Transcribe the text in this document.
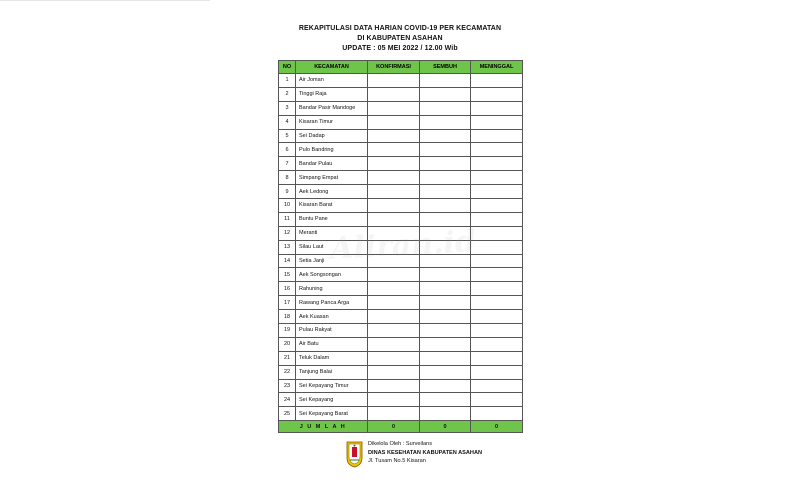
REKAPITULASI DATA HARIAN COVID-19 PER KECAMATAN
DI KABUPATEN ASAHAN
UPDATE : 05 MEI 2022 / 12.00 Wib
NO	KECAMATAN	KONFIRMASI	SEMBUH	MENINGGAL
1	Air Joman			
2	Tinggi Raja			
3	Bandar Pasir Mandoge			
4	Kisaran Timur			
5	Sei Dadap			
6	Pulo Bandring			
7	Bandar Pulau			
8	Simpang Empat			
9	Aek Ledong			
10	Kisaran Barat			
11	Buntu Pane			
12	Meranti			
13	Silau Laut			
14	Setia Janji			
15	Aek Songsongan			
16	Rahuning			
17	Rawang Panca Arga			
18	Aek Kuasan			
19	Pulau Rakyat			
20	Air Batu			
21	Teluk Dalam			
22	Tanjung Balai			
23	Sei Kepayang Timur			
24	Sei Kepayang			
25	Sei Kepayang Barat			
J U M L A H		0	0	0
Aliran.id
Dikelola Oleh : Surveilans
DINAS KESEHATAN KABUPATEN ASAHAN
Jl. Tusam No.5 Kisaran
